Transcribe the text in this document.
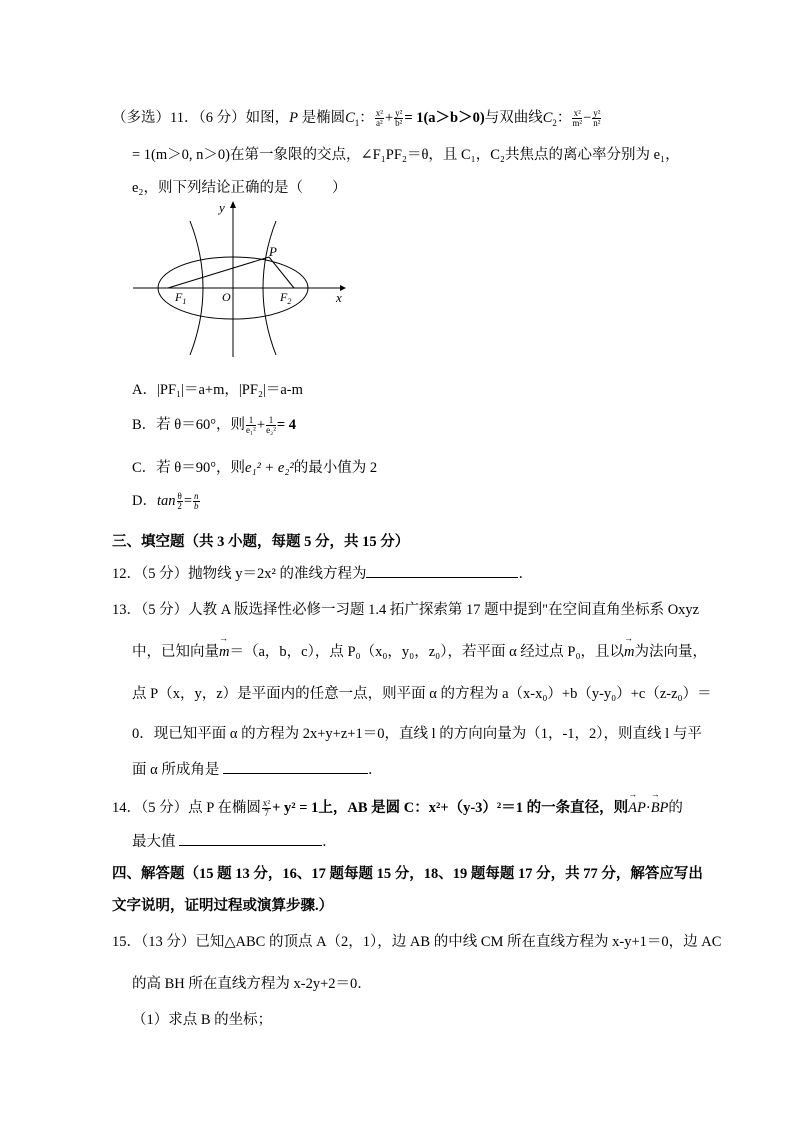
（多选）11．（6 分）如图，P 是椭圆$C_1$： $\frac{\text{x²}}{\text{a²}} + \frac{\text{y²}}{\text{b²}} = 1(a>b>0)$与双曲线$C_2$： $\frac{\text{x²}}{\text{m²}} - \frac{\text{y²}}{\text{n²}}$
= 1(m＞0, n＞0)在第一象限的交点，∠F₁PF₂＝θ，且 C₁，C₂共焦点的离心率分别为 e₁，
e₂，则下列结论正确的是（　　）
y
x
P
$F_1$	O	$F_2$
A．|PF₁|＝a+m，|PF₂|＝a-m
B．若 θ＝60°，则 $\frac{1}{\text{e₁²}} + \frac{1}{\text{e₂²}} = 4$
C．若 θ＝90°，则e₁² + e₂²的最小值为 2
D．$\tan \frac{\theta}{2} = \frac{n}{b}$
三、填空题（共 3 小题，每题 5 分，共 15 分）
12．（5 分）抛物线 y＝2x² 的准线方程为	．
13．（5 分）人教 A 版选择性必修一习题 1.4 拓广探索第 17 题中提到"在空间直角坐标系 Oxyz
中，已知向量→ m＝（a，b，c），点 P₀（x₀，y₀，z₀），若平面 α 经过点 P₀，且以→ m为法向量，
点 P（x，y，z）是平面内的任意一点，则平面 α 的方程为 a（x-x₀）+b（y-y₀）+c（z-z₀）＝
0．现已知平面 α 的方程为 2x+y+z+1＝0，直线 l 的方向向量为（1，-1，2），则直线 l 与平
面 α 所成角是	．
14．（5 分）点 P 在椭圆 $\frac{\text{x²}}{7} + y^2 = 1$上，AB 是圆 C：x²+（y-3）²＝1 的一条直径，则→ AP·→ BP的
最大值	．
四、解答题（15 题 13 分，16、17 题每题 15 分，18、19 题每题 17 分，共 77 分，解答应写出
文字说明，证明过程或演算步骤.）
15．（13 分）已知△ABC 的顶点 A（2，1），边 AB 的中线 CM 所在直线方程为 x-y+1＝0，边 AC
的高 BH 所在直线方程为 x-2y+2＝0．
（1）求点 B 的坐标；
